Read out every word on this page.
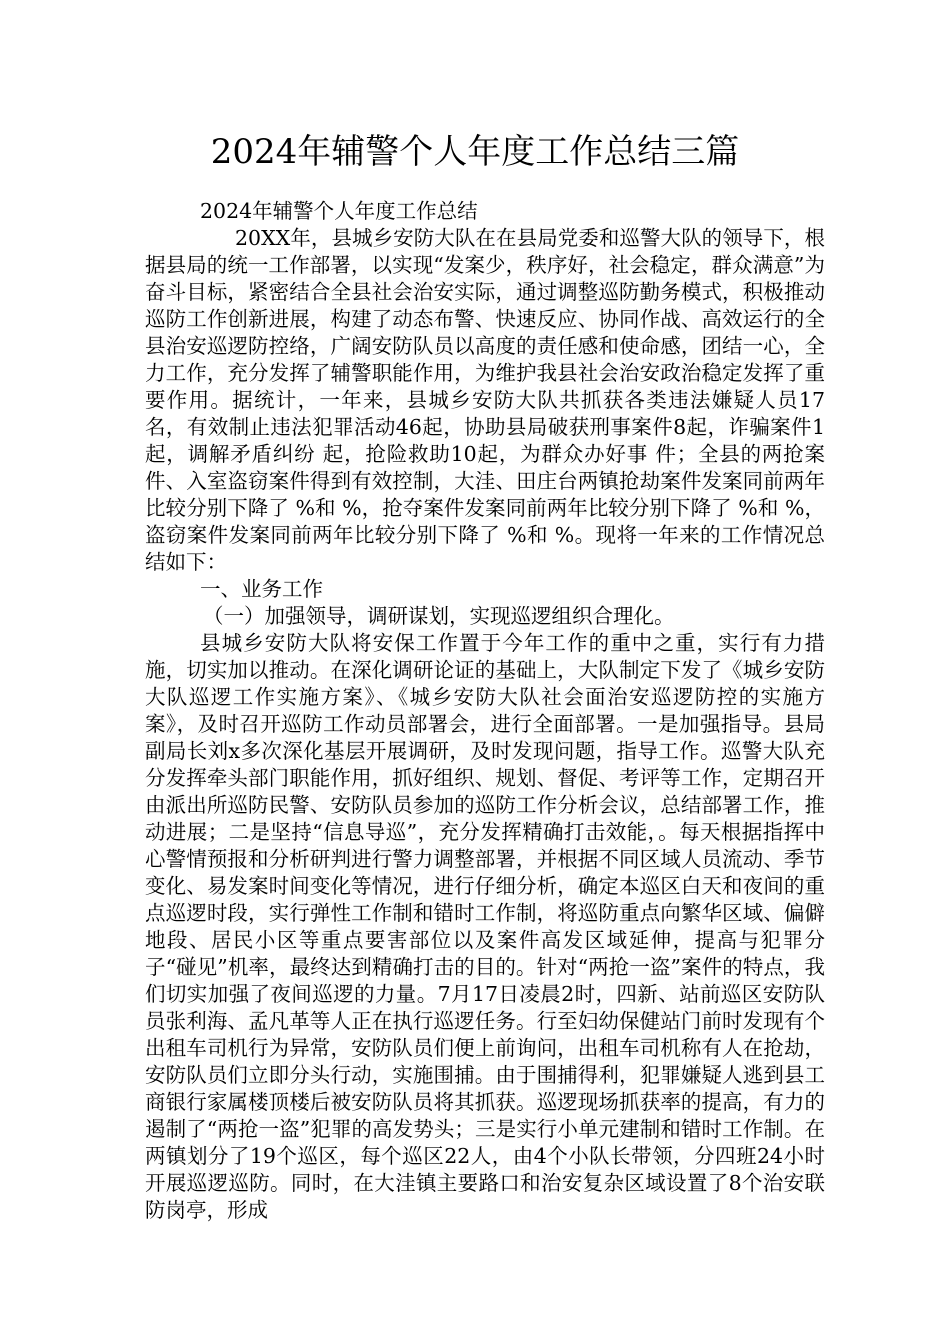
2024年辅警个人年度工作总结三篇

2024年辅警个人年度工作总结

20XX年，县城乡安防大队在在县局党委和巡警大队的领导下，根据县局的统一工作部署，以实现“发案少，秩序好，社会稳定，群众满意”为奋斗目标，紧密结合全县社会治安实际，通过调整巡防勤务模式，积极推动巡防工作创新进展，构建了动态布警、快速反应、协同作战、高效运行的全县治安巡逻防控络，广阔安防队员以高度的责任感和使命感，团结一心，全力工作，充分发挥了辅警职能作用，为维护我县社会治安政治稳定发挥了重要作用。据统计，一年来，县城乡安防大队共抓获各类违法嫌疑人员17名，有效制止违法犯罪活动46起，协助县局破获刑事案件8起，诈骗案件1起，调解矛盾纠纷 起，抢险救助10起，为群众办好事 件；全县的两抢案件、入室盗窃案件得到有效控制，大洼、田庄台两镇抢劫案件发案同前两年比较分别下降了 %和 %，抢夺案件发案同前两年比较分别下降了 %和 %，盗窃案件发案同前两年比较分别下降了 %和 %。现将一年来的工作情况总结如下：

一、业务工作

（一）加强领导，调研谋划，实现巡逻组织合理化。

县城乡安防大队将安保工作置于今年工作的重中之重，实行有力措施，切实加以推动。在深化调研论证的基础上，大队制定下发了《城乡安防大队巡逻工作实施方案》、《城乡安防大队社会面治安巡逻防控的实施方案》，及时召开巡防工作动员部署会，进行全面部署。一是加强指导。县局副局长刘x多次深化基层开展调研，及时发现问题，指导工作。巡警大队充分发挥牵头部门职能作用，抓好组织、规划、督促、考评等工作，定期召开由派出所巡防民警、安防队员参加的巡防工作分析会议，总结部署工作，推动进展；二是坚持“信息导巡”，充分发挥精确打击效能，。每天根据指挥中心警情预报和分析研判进行警力调整部署，并根据不同区域人员流动、季节变化、易发案时间变化等情况，进行仔细分析，确定本巡区白天和夜间的重点巡逻时段，实行弹性工作制和错时工作制，将巡防重点向繁华区域、偏僻地段、居民小区等重点要害部位以及案件高发区域延伸，提高与犯罪分子“碰见”机率，最终达到精确打击的目的。针对“两抢一盗”案件的特点，我们切实加强了夜间巡逻的力量。7月17日凌晨2时，四新、站前巡区安防队员张利海、孟凡革等人正在执行巡逻任务。行至妇幼保健站门前时发现有个出租车司机行为异常，安防队员们便上前询问，出租车司机称有人在抢劫，安防队员们立即分头行动，实施围捕。由于围捕得利，犯罪嫌疑人逃到县工商银行家属楼顶楼后被安防队员将其抓获。巡逻现场抓获率的提高，有力的遏制了“两抢一盗”犯罪的高发势头；三是实行小单元建制和错时工作制。在两镇划分了19个巡区，每个巡区22人，由4个小队长带领，分四班24小时开展巡逻巡防。同时，在大洼镇主要路口和治安复杂区域设置了8个治安联防岗亭，形成
